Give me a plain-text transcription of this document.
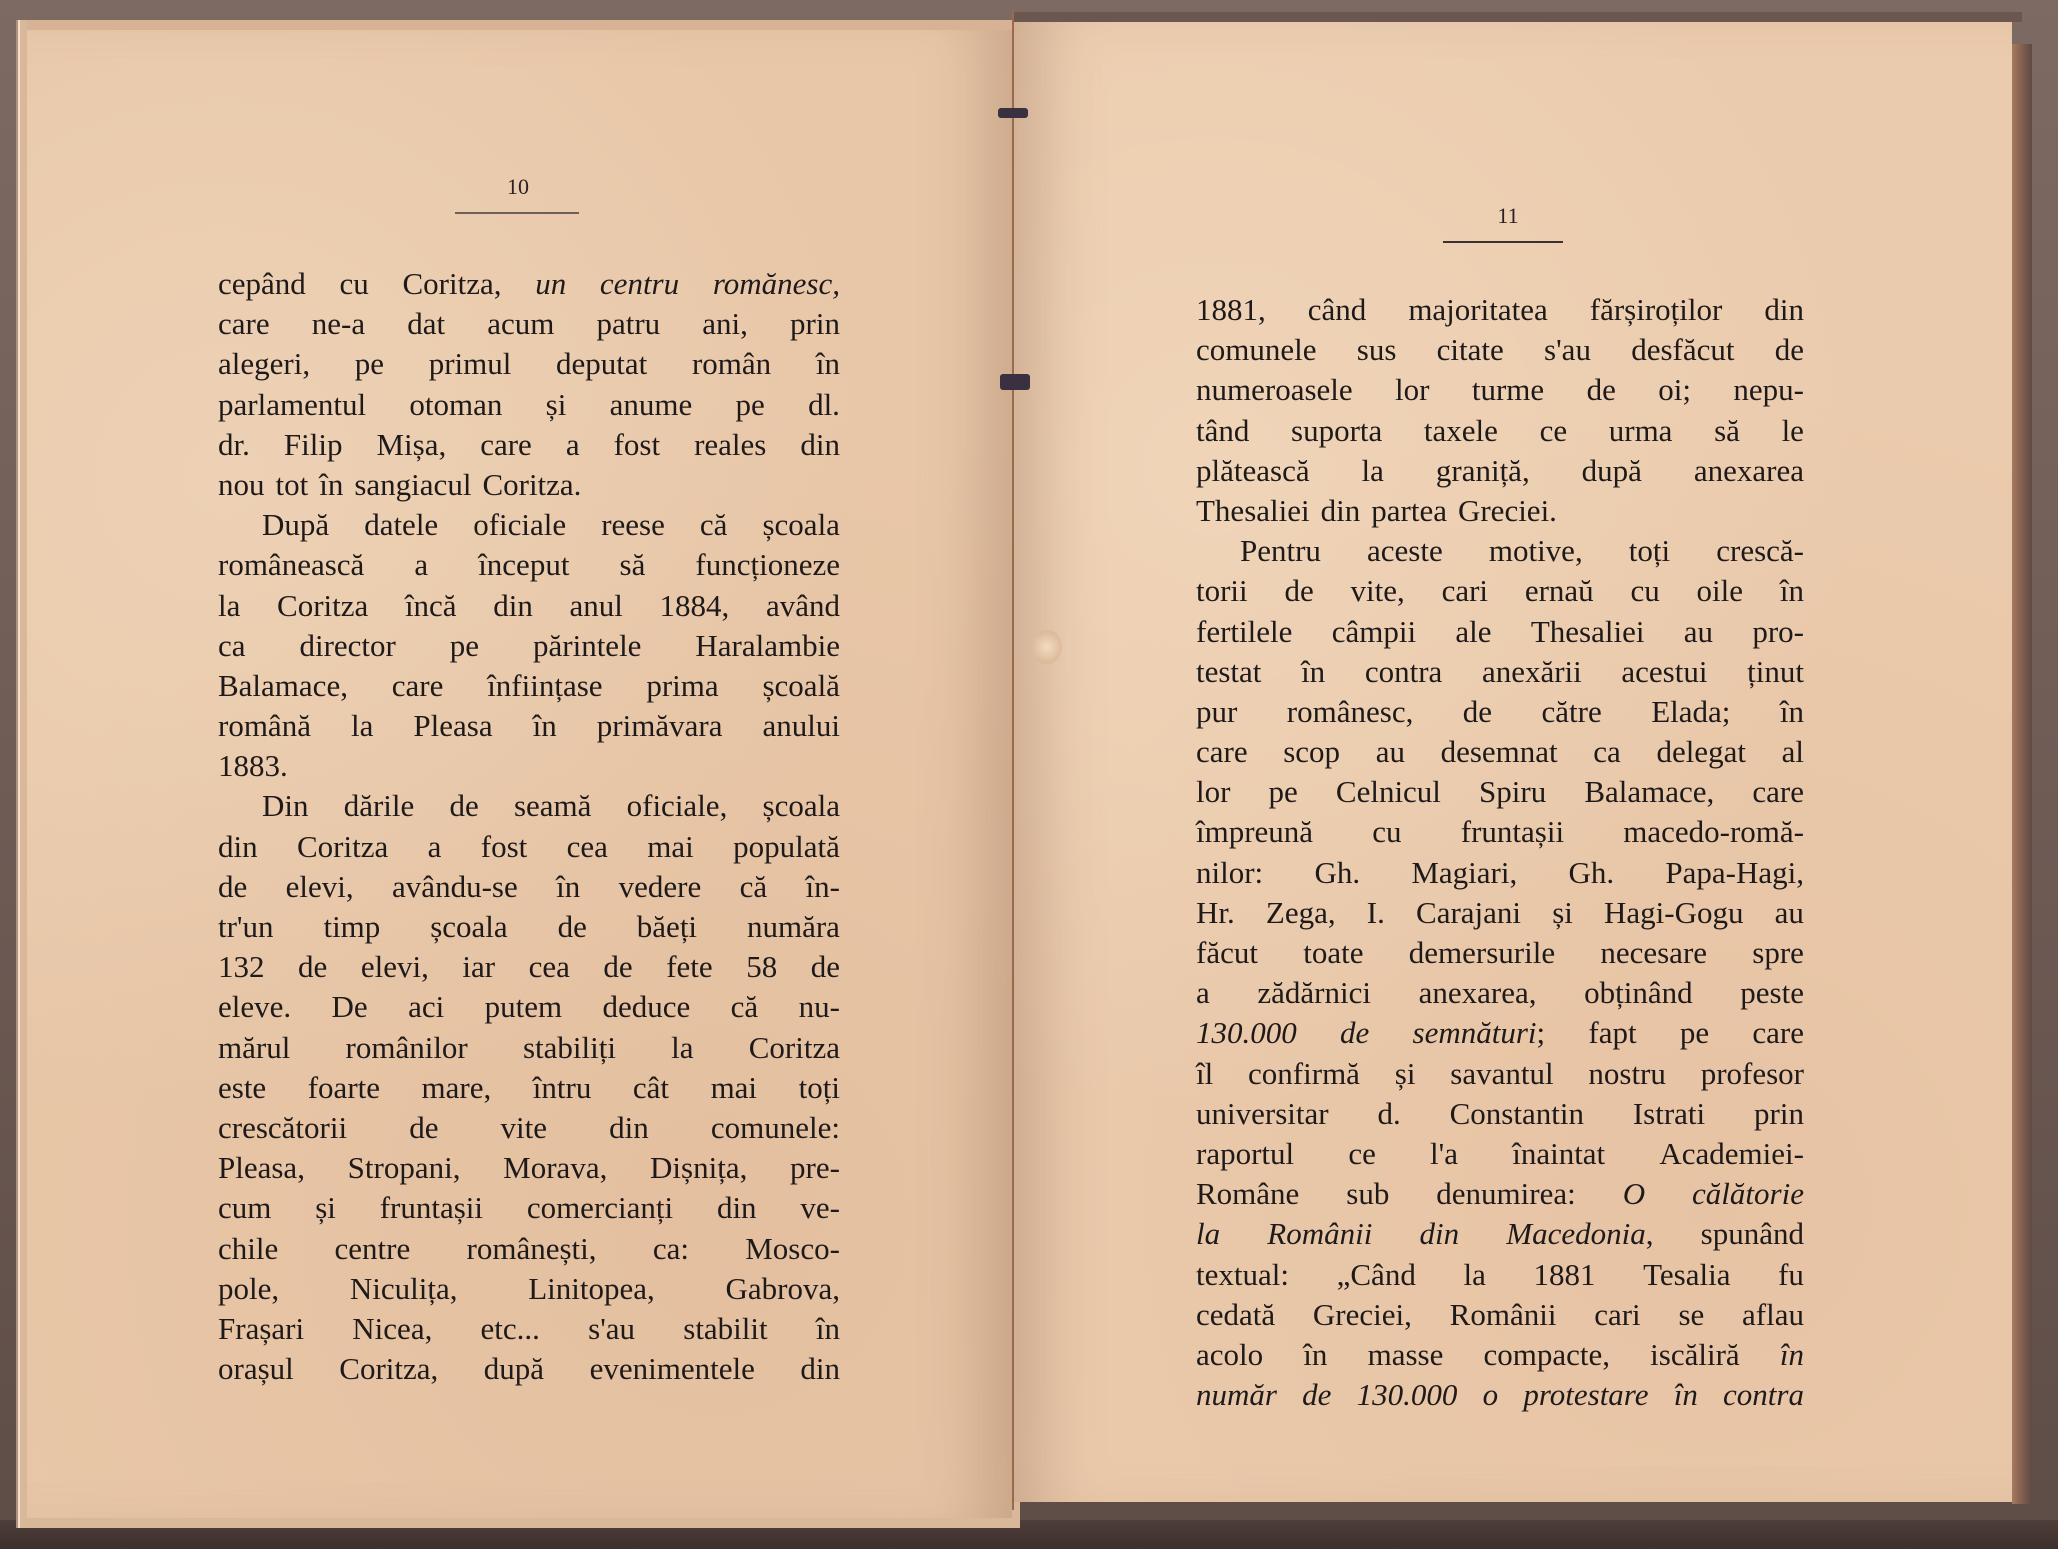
10
11
cepând cu Coritza, un centru romănesc,
care ne-a dat acum patru ani, prin
alegeri, pe primul deputat român în
parlamentul otoman și anume pe dl.
dr. Filip Mișa, care a fost reales din
nou tot în sangiacul Coritza.
După datele oficiale reese că școala
românească a început să funcționeze
la Coritza încă din anul 1884, având
ca director pe părintele Haralambie
Balamace, care înființase prima școală
română la Pleasa în primăvara anului
1883.
Din dările de seamă oficiale, școala
din Coritza a fost cea mai populată
de elevi, avându-se în vedere că în-
tr'un timp școala de băeți număra
132 de elevi, iar cea de fete 58 de
eleve. De aci putem deduce că nu-
mărul românilor stabiliți la Coritza
este foarte mare, întru cât mai toți
crescătorii de vite din comunele:
Pleasa, Stropani, Morava, Dișnița, pre-
cum și fruntașii comercianți din ve-
chile centre românești, ca: Mosco-
pole, Niculița, Linitopea, Gabrova,
Frașari Nicea, etc... s'au stabilit în
orașul Coritza, după evenimentele din
1881, când majoritatea fărșiroților din
comunele sus citate s'au desfăcut de
numeroasele lor turme de oi; nepu-
tând suporta taxele ce urma să le
plătească la graniță, după anexarea
Thesaliei din partea Greciei.
Pentru aceste motive, toți crescă-
torii de vite, cari ernaŭ cu oile în
fertilele câmpii ale Thesaliei au pro-
testat în contra anexării acestui ținut
pur românesc, de către Elada; în
care scop au desemnat ca delegat al
lor pe Celnicul Spiru Balamace, care
împreună cu fruntașii macedo-romă-
nilor: Gh. Magiari, Gh. Papa-Hagi,
Hr. Zega, I. Carajani și Hagi-Gogu au
făcut toate demersurile necesare spre
a zădărnici anexarea, obținând peste
130.000 de semnături; fapt pe care
îl confirmă și savantul nostru profesor
universitar d. Constantin Istrati prin
raportul ce l'a înaintat Academiei-
Române sub denumirea: O călătorie
la Românii din Macedonia, spunând
textual: „Când la 1881 Tesalia fu
cedată Greciei, Românii cari se aflau
acolo în masse compacte, iscăliră în
număr de 130.000 o protestare în contra
